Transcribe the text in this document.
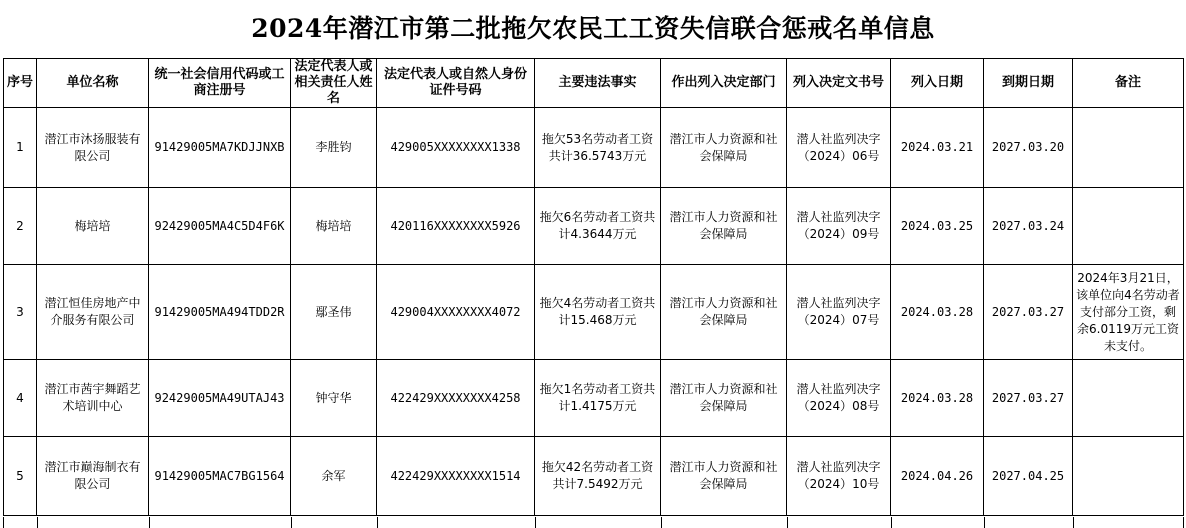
2024年潜江市第二批拖欠农民工工资失信联合惩戒名单信息
序号	单位名称	统一社会信用代码或工商注册号	法定代表人或相关责任人姓名	法定代表人或自然人身份证件号码	主要违法事实	作出列入决定部门	列入决定文书号	列入日期	到期日期	备注
1	潜江市沐扬服装有限公司	91429005MA7KDJJNXB	李胜钧	429005XXXXXXXX1338	拖欠53名劳动者工资共计36.5743万元	潜江市人力资源和社会保障局	潜人社监列决字（2024）06号	2024.03.21	2027.03.20	
2	梅培培	92429005MA4C5D4F6K	梅培培	420116XXXXXXXX5926	拖欠6名劳动者工资共计4.3644万元	潜江市人力资源和社会保障局	潜人社监列决字（2024）09号	2024.03.25	2027.03.24	
3	潜江恒佳房地产中介服务有限公司	91429005MA494TDD2R	鄢圣伟	429004XXXXXXXX4072	拖欠4名劳动者工资共计15.468万元	潜江市人力资源和社会保障局	潜人社监列决字（2024）07号	2024.03.28	2027.03.27	2024年3月21日，该单位向4名劳动者支付部分工资，剩余6.0119万元工资未支付。
4	潜江市茜宇舞蹈艺术培训中心	92429005MA49UTAJ43	钟守华	422429XXXXXXXX4258	拖欠1名劳动者工资共计1.4175万元	潜江市人力资源和社会保障局	潜人社监列决字（2024）08号	2024.03.28	2027.03.27	
5	潜江市巅海制衣有限公司	91429005MAC7BG1564	余军	422429XXXXXXXX1514	拖欠42名劳动者工资共计7.5492万元	潜江市人力资源和社会保障局	潜人社监列决字（2024）10号	2024.04.26	2027.04.25	
